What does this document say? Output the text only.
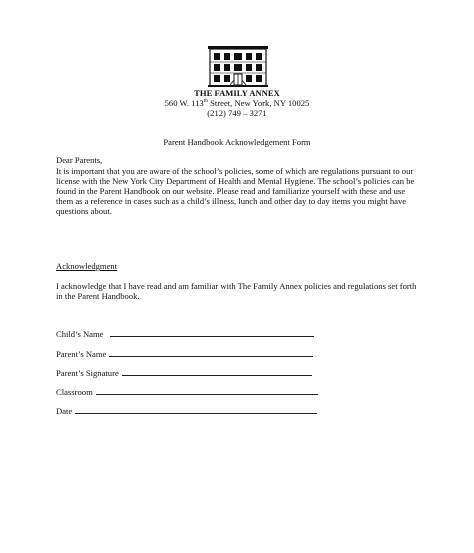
THE FAMILY ANNEX
560 W. 113th Street, New York, NY 10025
(212) 749 – 3271
Parent Handbook Acknowledgement Form
Dear Parents,
It is important that you are aware of the school’s policies, some of which are regulations pursuant to our license with the New York City Department of Health and Mental Hygiene. The school’s policies can be found in the Parent Handbook on our website. Please read and familiarize yourself with these and use them as a reference in cases such as a child’s illness, lunch and other day to day items you might have questions about.
Acknowledgment
I acknowledge that I have read and am familiar with The Family Annex policies and regulations set forth in the Parent Handbook.
Child’s Name
Parent’s Name
Parent’s Signature
Classroom
Date
